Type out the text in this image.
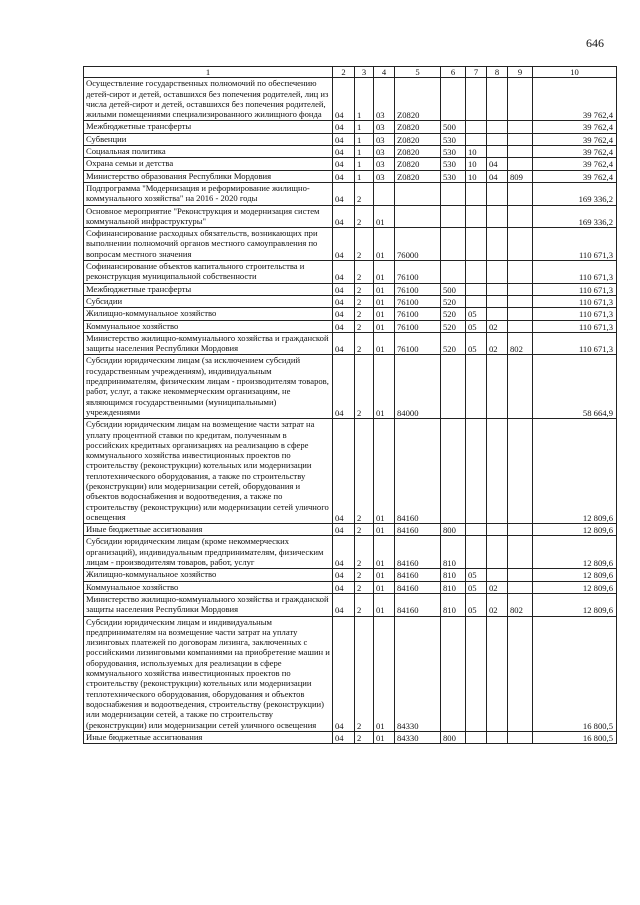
646
1	2	3	4	5	6	7	8	9	10
Осуществление государственных полномочий по обеспечению детей-сирот и детей, оставшихся без попечения родителей, лиц из числа детей-сирот и детей, оставшихся без попечения родителей, жилыми помещениями специализированного жилищного фонда	04	1	03	Z0820					39 762,4
Межбюджетные трансферты	04	1	03	Z0820	500				39 762,4
Субвенции	04	1	03	Z0820	530				39 762,4
Социальная политика	04	1	03	Z0820	530	10			39 762,4
Охрана семьи и детства	04	1	03	Z0820	530	10	04		39 762,4
Министерство образования Республики Мордовия	04	1	03	Z0820	530	10	04	809	39 762,4
Подпрограмма "Модернизация и реформирование жилищно-коммунального хозяйства" на 2016 - 2020 годы	04	2							169 336,2
Основное мероприятие "Реконструкция и модернизация систем коммунальной инфраструктуры"	04	2	01						169 336,2
Софинансирование расходных обязательств, возникающих при выполнении полномочий органов местного самоуправления по вопросам местного значения	04	2	01	76000					110 671,3
Софинансирование объектов капитального строительства и реконструкция муниципальной собственности	04	2	01	76100					110 671,3
Межбюджетные трансферты	04	2	01	76100	500				110 671,3
Субсидии	04	2	01	76100	520				110 671,3
Жилищно-коммунальное хозяйство	04	2	01	76100	520	05			110 671,3
Коммунальное хозяйство	04	2	01	76100	520	05	02		110 671,3
Министерство жилищно-коммунального хозяйства и гражданской защиты населения Республики Мордовия	04	2	01	76100	520	05	02	802	110 671,3
Субсидии юридическим лицам (за исключением субсидий государственным учреждениям), индивидуальным предпринимателям, физическим лицам - производителям товаров, работ, услуг, а также некоммерческим организациям, не являющимся государственными (муниципальными) учреждениями	04	2	01	84000					58 664,9
Субсидии юридическим лицам на возмещение части затрат на уплату процентной ставки по кредитам, полученным в российских кредитных организациях на реализацию в сфере коммунального хозяйства инвестиционных проектов по строительству (реконструкции) котельных или модернизации теплотехнического оборудования, а также по строительству (реконструкции) или модернизации сетей, оборудования и объектов водоснабжения и водоотведения, а также по строительству (реконструкции) или модернизации сетей уличного освещения	04	2	01	84160					12 809,6
Иные бюджетные ассигнования	04	2	01	84160	800				12 809,6
Субсидии юридическим лицам (кроме некоммерческих организаций), индивидуальным предпринимателям, физическим лицам - производителям товаров, работ, услуг	04	2	01	84160	810				12 809,6
Жилищно-коммунальное хозяйство	04	2	01	84160	810	05			12 809,6
Коммунальное хозяйство	04	2	01	84160	810	05	02		12 809,6
Министерство жилищно-коммунального хозяйства и гражданской защиты населения Республики Мордовия	04	2	01	84160	810	05	02	802	12 809,6
Субсидии юридическим лицам и индивидуальным предпринимателям на возмещение части затрат на уплату лизинговых платежей по договорам лизинга, заключенных с российскими лизинговыми компаниями на приобретение машин и оборудования, используемых для реализации в сфере коммунального хозяйства инвестиционных проектов по строительству (реконструкции) котельных или модернизации теплотехнического оборудования, оборудования и объектов водоснабжения и водоотведения, строительству (реконструкции) или модернизации сетей, а также по строительству (реконструкции) или модернизации сетей уличного освещения	04	2	01	84330					16 800,5
Иные бюджетные ассигнования	04	2	01	84330	800				16 800,5
